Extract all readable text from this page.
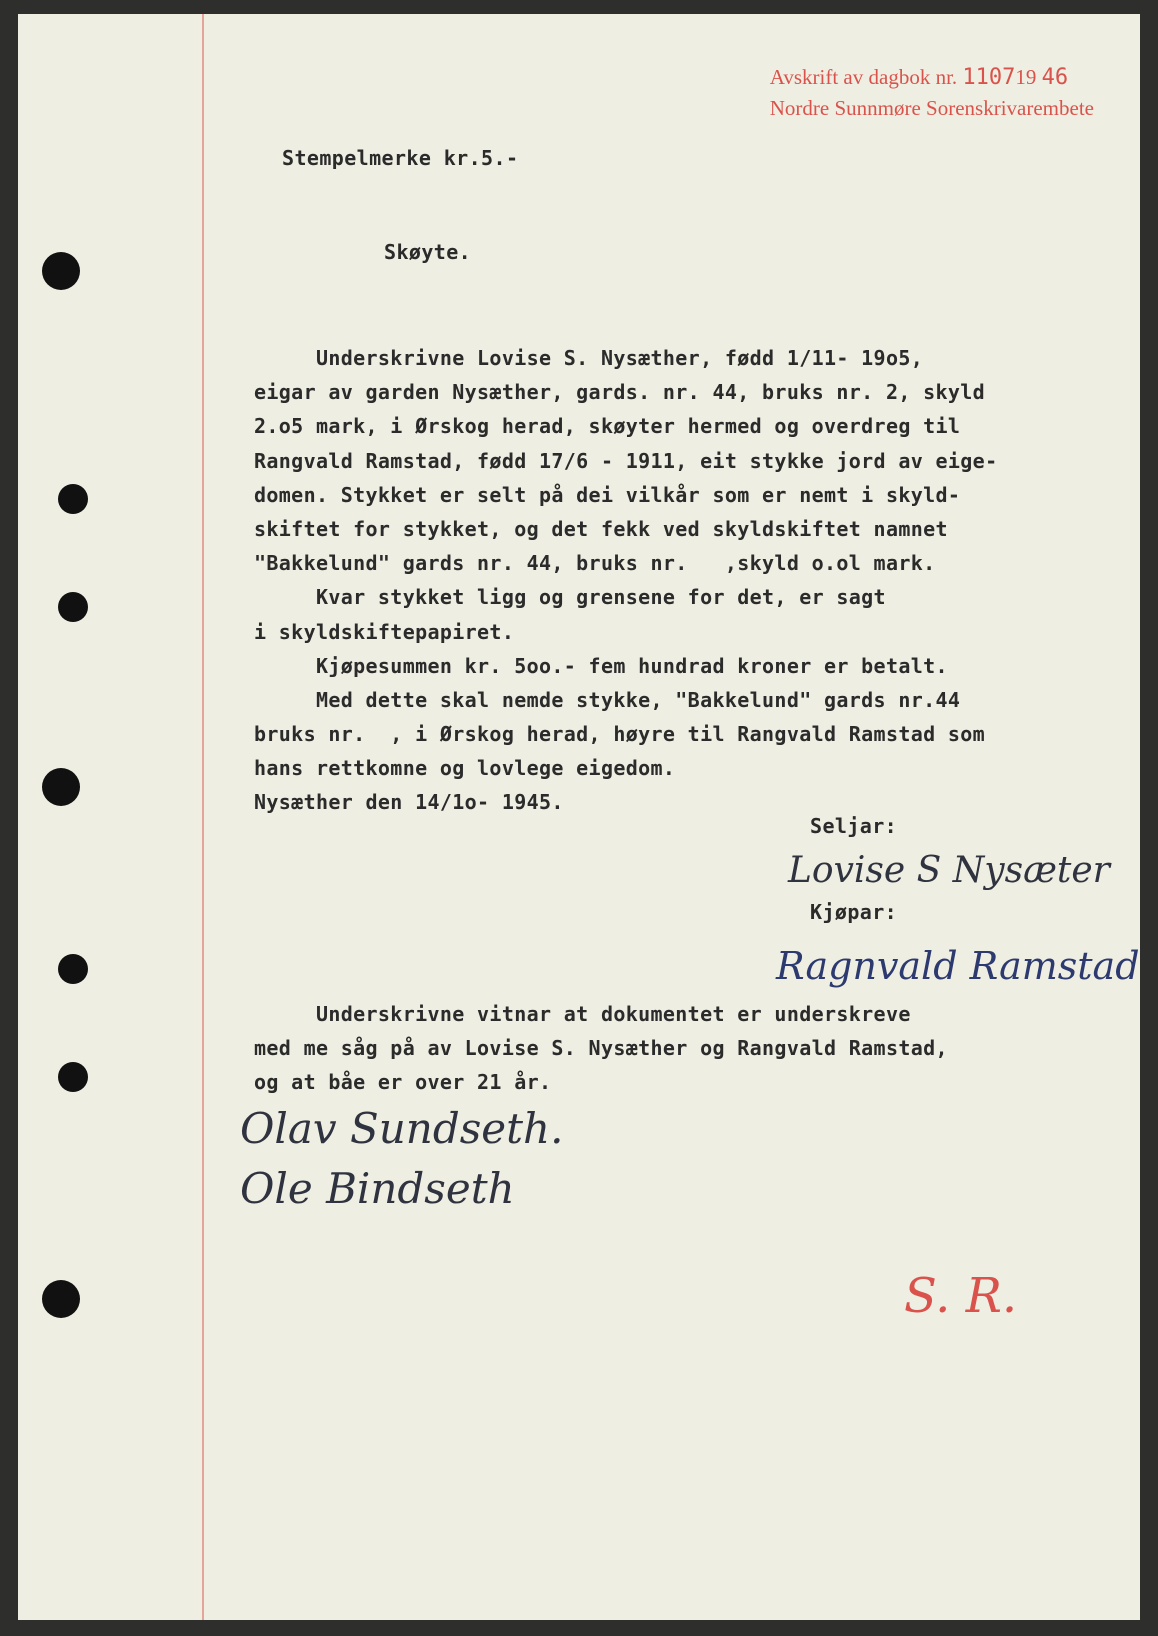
Avskrift av dagbok nr. 110719 46
Nordre Sunnmøre Sorenskrivarembete
Stempelmerke kr.5.-
Skøyte.
Underskrivne Lovise S. Nysæther, fødd 1/11- 19o5,
eigar av garden Nysæther, gards. nr. 44, bruks nr. 2, skyld
2.o5 mark, i Ørskog herad, skøyter hermed og overdreg til
Rangvald Ramstad, fødd 17/6 - 1911, eit stykke jord av eige-
domen. Stykket er selt på dei vilkår som er nemt i skyld-
skiftet for stykket, og det fekk ved skyldskiftet namnet
"Bakkelund" gards nr. 44, bruks nr.   ,skyld o.ol mark.
Kvar stykket ligg og grensene for det, er sagt
i skyldskiftepapiret.
Kjøpesummen kr. 5oo.- fem hundrad kroner er betalt.
Med dette skal nemde stykke, "Bakkelund" gards nr.44
bruks nr.  , i Ørskog herad, høyre til Rangvald Ramstad som
hans rettkomne og lovlege eigedom.
Nysæther den 14/1o- 1945.
Seljar:
Lovise S Nysæter
Kjøpar:
Ragnvald Ramstad
Underskrivne vitnar at dokumentet er underskreve
med me såg på av Lovise S. Nysæther og Rangvald Ramstad,
og at båe er over 21 år.
Olav Sundseth.
Ole Bindseth
S. R.
